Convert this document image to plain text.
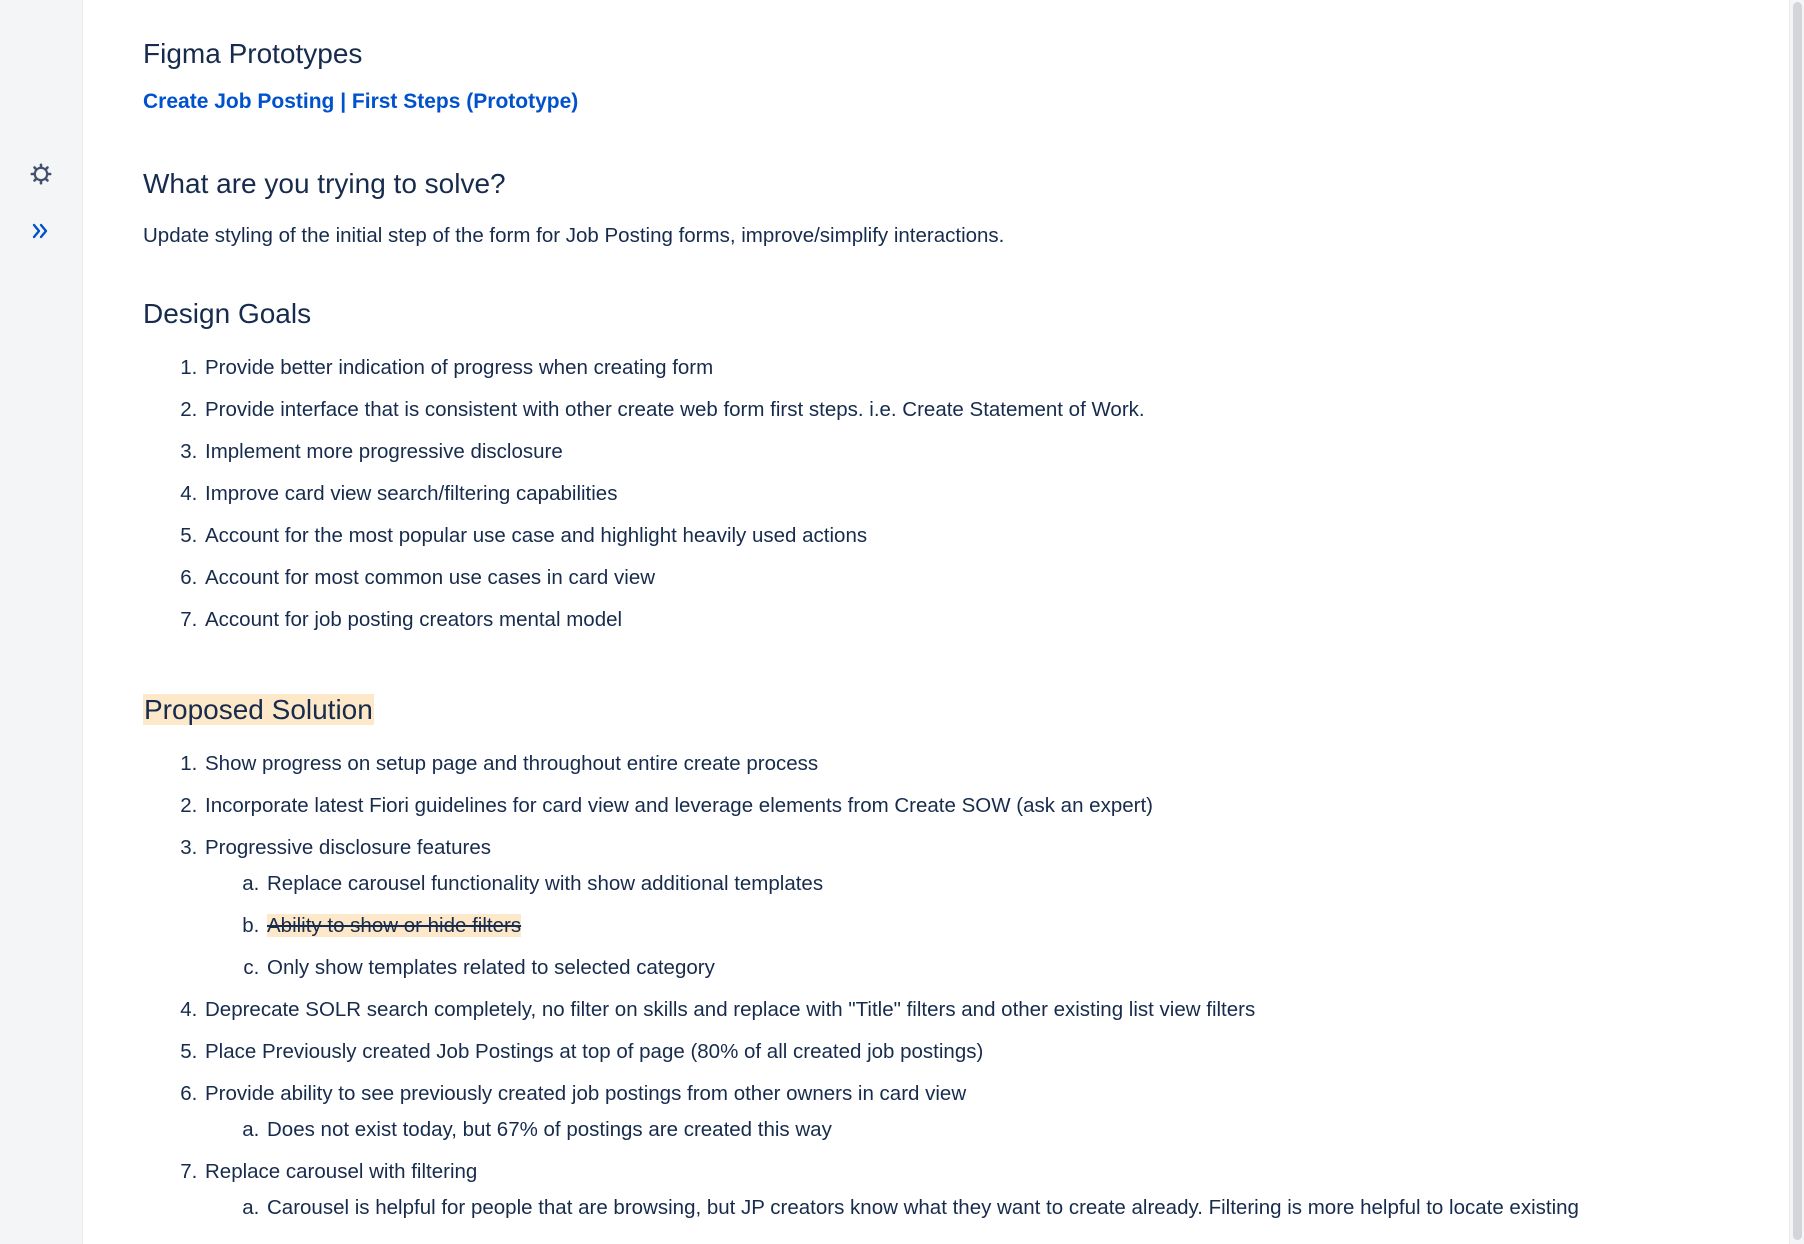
Figma Prototypes
Create Job Posting | First Steps (Prototype)
What are you trying to solve?

Update styling of the initial step of the form for Job Posting forms, improve/simplify interactions.

Design Goals
1. Provide better indication of progress when creating form
2. Provide interface that is consistent with other create web form first steps. i.e. Create Statement of Work.
3. Implement more progressive disclosure
4. Improve card view search/filtering capabilities
5. Account for the most popular use case and highlight heavily used actions
6. Account for most common use cases in card view
7. Account for job posting creators mental model
Proposed Solution
1. Show progress on setup page and throughout entire create process
2. Incorporate latest Fiori guidelines for card view and leverage elements from Create SOW (ask an expert)
3. Progressive disclosure features
a. Replace carousel functionality with show additional templates
b. Ability to show or hide filters
c. Only show templates related to selected category
4. Deprecate SOLR search completely, no filter on skills and replace with "Title" filters and other existing list view filters
5. Place Previously created Job Postings at top of page (80% of all created job postings)
6. Provide ability to see previously created job postings from other owners in card view
a. Does not exist today, but 67% of postings are created this way
7. Replace carousel with filtering
a. Carousel is helpful for people that are browsing, but JP creators know what they want to create already. Filtering is more helpful to locate existing
